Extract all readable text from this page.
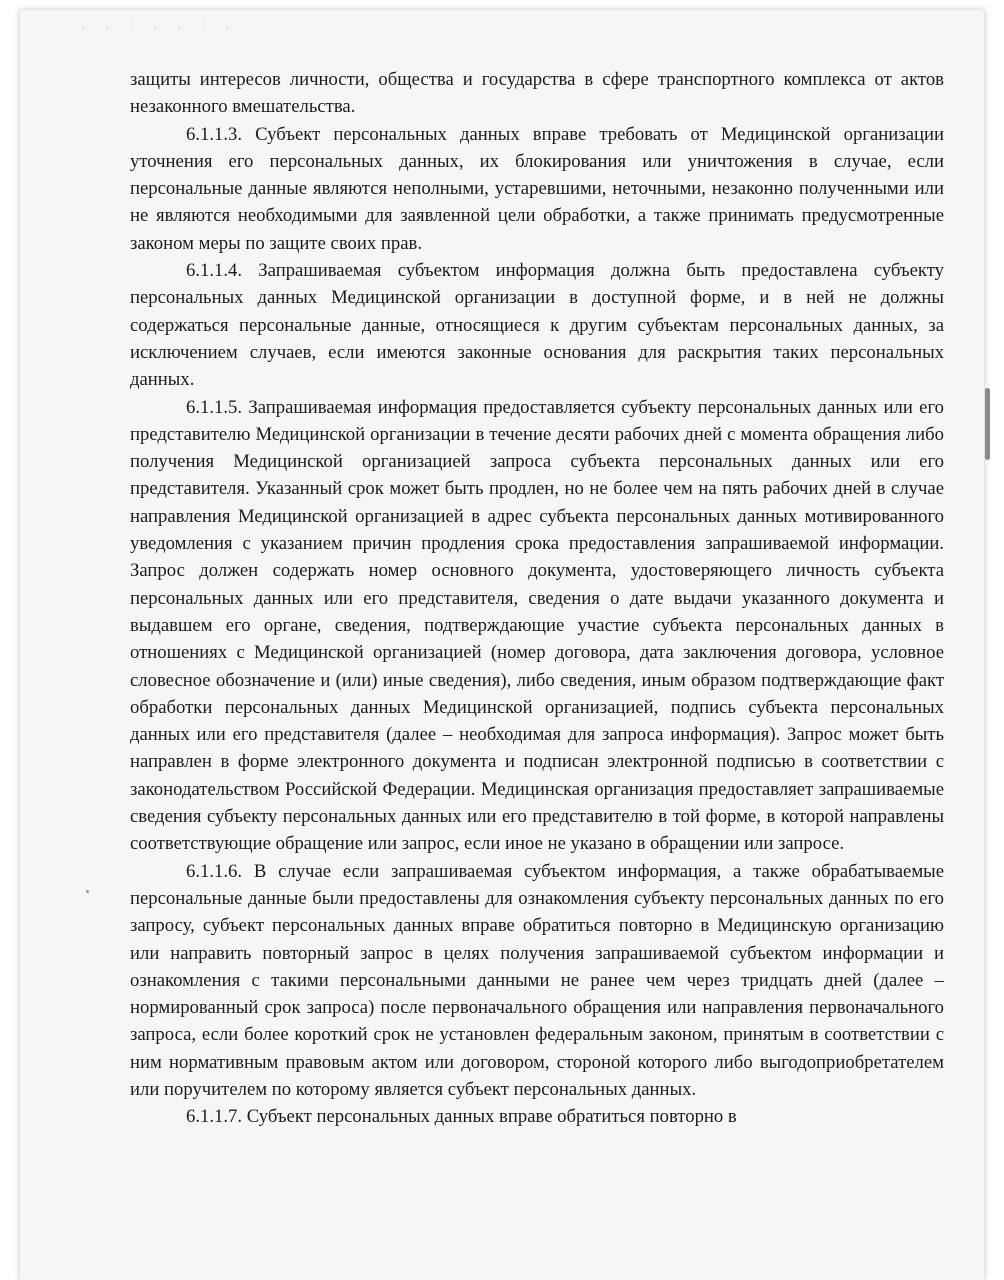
· · ˙ · · ˙ ·

защиты интересов личности, общества и государства в сфере транспортного комплекса от актов незаконного вмешательства.

6.1.1.3. Субъект персональных данных вправе требовать от Медицинской организации уточнения его персональных данных, их блокирования или уничтожения в случае, если персональные данные являются неполными, устаревшими, неточными, незаконно полученными или не являются необходимыми для заявленной цели обработки, а также принимать предусмотренные законом меры по защите своих прав.

6.1.1.4. Запрашиваемая субъектом информация должна быть предоставлена субъекту персональных данных Медицинской организации в доступной форме, и в ней не должны содержаться персональные данные, относящиеся к другим субъектам персональных данных, за исключением случаев, если имеются законные основания для раскрытия таких персональных данных.

6.1.1.5. Запрашиваемая информация предоставляется субъекту персональных данных или его представителю Медицинской организации в течение десяти рабочих дней с момента обращения либо получения Медицинской организацией запроса субъекта персональных данных или его представителя. Указанный срок может быть продлен, но не более чем на пять рабочих дней в случае направления Медицинской организацией в адрес субъекта персональных данных мотивированного уведомления с указанием причин продления срока предоставления запрашиваемой информации. Запрос должен содержать номер основного документа, удостоверяющего личность субъекта персональных данных или его представителя, сведения о дате выдачи указанного документа и выдавшем его органе, сведения, подтверждающие участие субъекта персональных данных в отношениях с Медицинской организацией (номер договора, дата заключения договора, условное словесное обозначение и (или) иные сведения), либо сведения, иным образом подтверждающие факт обработки персональных данных Медицинской организацией, подпись субъекта персональных данных или его представителя (далее – необходимая для запроса информация). Запрос может быть направлен в форме электронного документа и подписан электронной подписью в соответствии с законодательством Российской Федерации. Медицинская организация предоставляет запрашиваемые сведения субъекту персональных данных или его представителю в той форме, в которой направлены соответствующие обращение или запрос, если иное не указано в обращении или запросе.

6.1.1.6. В случае если запрашиваемая субъектом информация, а также обрабатываемые персональные данные были предоставлены для ознакомления субъекту персональных данных по его запросу, субъект персональных данных вправе обратиться повторно в Медицинскую организацию или направить повторный запрос в целях получения запрашиваемой субъектом информации и ознакомления с такими персональными данными не ранее чем через тридцать дней (далее – нормированный срок запроса) после первоначального обращения или направления первоначального запроса, если более короткий срок не установлен федеральным законом, принятым в соответствии с ним нормативным правовым актом или договором, стороной которого либо выгодоприобретателем или поручителем по которому является субъект персональных данных.

6.1.1.7. Субъект персональных данных вправе обратиться повторно в
